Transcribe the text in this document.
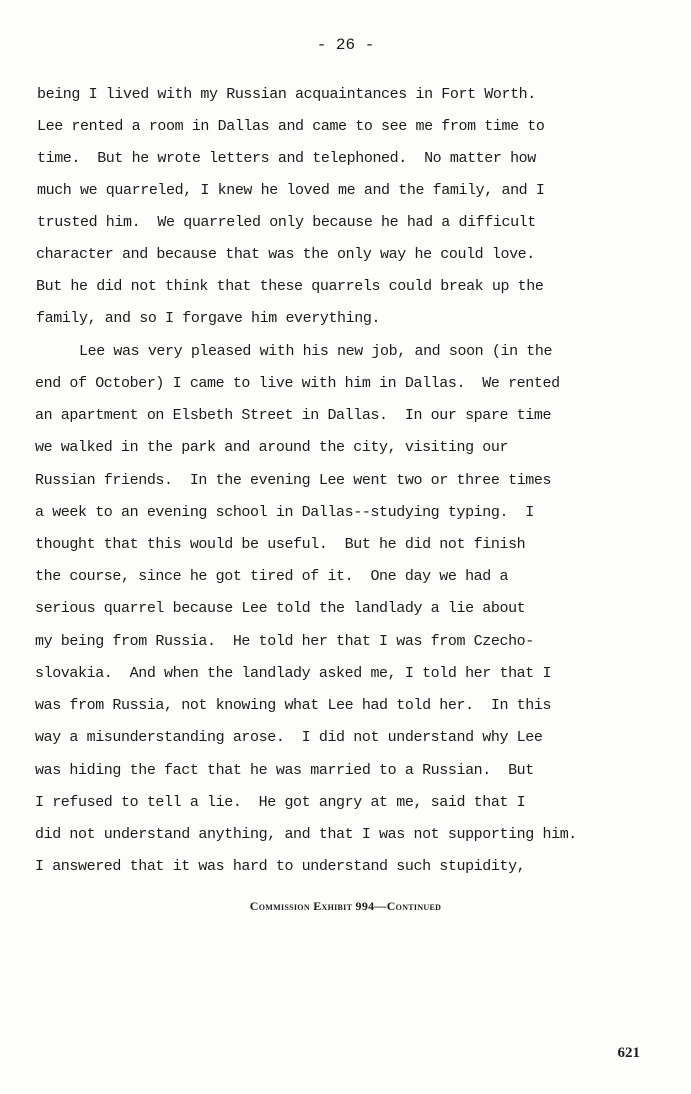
- 26 -
being I lived with my Russian acquaintances in Fort Worth.
Lee rented a room in Dallas and came to see me from time to
time.  But he wrote letters and telephoned.  No matter how
much we quarreled, I knew he loved me and the family, and I
trusted him.  We quarreled only because he had a difficult
character and because that was the only way he could love.
But he did not think that these quarrels could break up the
family, and so I forgave him everything.
Lee was very pleased with his new job, and soon (in the
end of October) I came to live with him in Dallas.  We rented
an apartment on Elsbeth Street in Dallas.  In our spare time
we walked in the park and around the city, visiting our
Russian friends.  In the evening Lee went two or three times
a week to an evening school in Dallas--studying typing.  I
thought that this would be useful.  But he did not finish
the course, since he got tired of it.  One day we had a
serious quarrel because Lee told the landlady a lie about
my being from Russia.  He told her that I was from Czecho-
slovakia.  And when the landlady asked me, I told her that I
was from Russia, not knowing what Lee had told her.  In this
way a misunderstanding arose.  I did not understand why Lee
was hiding the fact that he was married to a Russian.  But
I refused to tell a lie.  He got angry at me, said that I
did not understand anything, and that I was not supporting him.
I answered that it was hard to understand such stupidity,
Commission Exhibit 994—Continued
621
